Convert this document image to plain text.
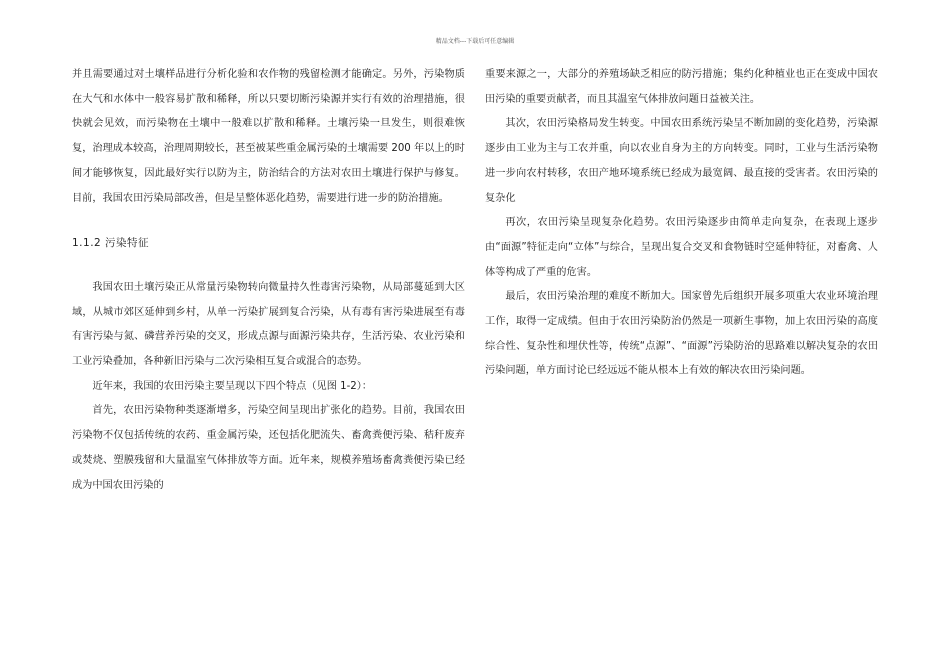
精品文档---下载后可任意编辑

并且需要通过对土壤样品进行分析化验和农作物的残留检测才能确定。另外，污染物质在大气和水体中一般容易扩散和稀释，所以只要切断污染源并实行有效的治理措施，很快就会见效，而污染物在土壤中一般难以扩散和稀释。土壤污染一旦发生，则很难恢复，治理成本较高，治理周期较长，甚至被某些重金属污染的土壤需要 200 年以上的时间才能够恢复，因此最好实行以防为主，防治结合的方法对农田土壤进行保护与修复。目前，我国农田污染局部改善，但是呈整体恶化趋势，需要进行进一步的防治措施。

1.1.2 污染特征

我国农田土壤污染正从常量污染物转向微量持久性毒害污染物，从局部蔓延到大区域，从城市郊区延伸到乡村，从单一污染扩展到复合污染，从有毒有害污染进展至有毒有害污染与氮、磷营养污染的交叉，形成点源与面源污染共存，生活污染、农业污染和工业污染叠加，各种新旧污染与二次污染相互复合或混合的态势。

近年来，我国的农田污染主要呈现以下四个特点（见图 1-2）：

首先，农田污染物种类逐渐增多，污染空间呈现出扩张化的趋势。目前，我国农田污染物不仅包括传统的农药、重金属污染，还包括化肥流失、畜禽粪便污染、秸秆废弃或焚烧、塑膜残留和大量温室气体排放等方面。近年来，规模养殖场畜禽粪便污染已经成为中国农田污染的

重要来源之一，大部分的养殖场缺乏相应的防污措施；集约化种植业也正在变成中国农田污染的重要贡献者，而且其温室气体排放问题日益被关注。

其次，农田污染格局发生转变。中国农田系统污染呈不断加剧的变化趋势，污染源逐步由工业为主与工农并重，向以农业自身为主的方向转变。同时，工业与生活污染物进一步向农村转移，农田产地环境系统已经成为最宽阔、最直接的受害者。农田污染的复杂化

再次，农田污染呈现复杂化趋势。农田污染逐步由简单走向复杂，在表现上逐步由“面源”特征走向“立体”与综合，呈现出复合交叉和食物链时空延伸特征，对畜禽、人体等构成了严重的危害。

最后，农田污染治理的难度不断加大。国家曾先后组织开展多项重大农业环境治理工作，取得一定成绩。但由于农田污染防治仍然是一项新生事物，加上农田污染的高度综合性、复杂性和埋伏性等，传统“点源”、“面源”污染防治的思路难以解决复杂的农田污染问题，单方面讨论已经远远不能从根本上有效的解决农田污染问题。
